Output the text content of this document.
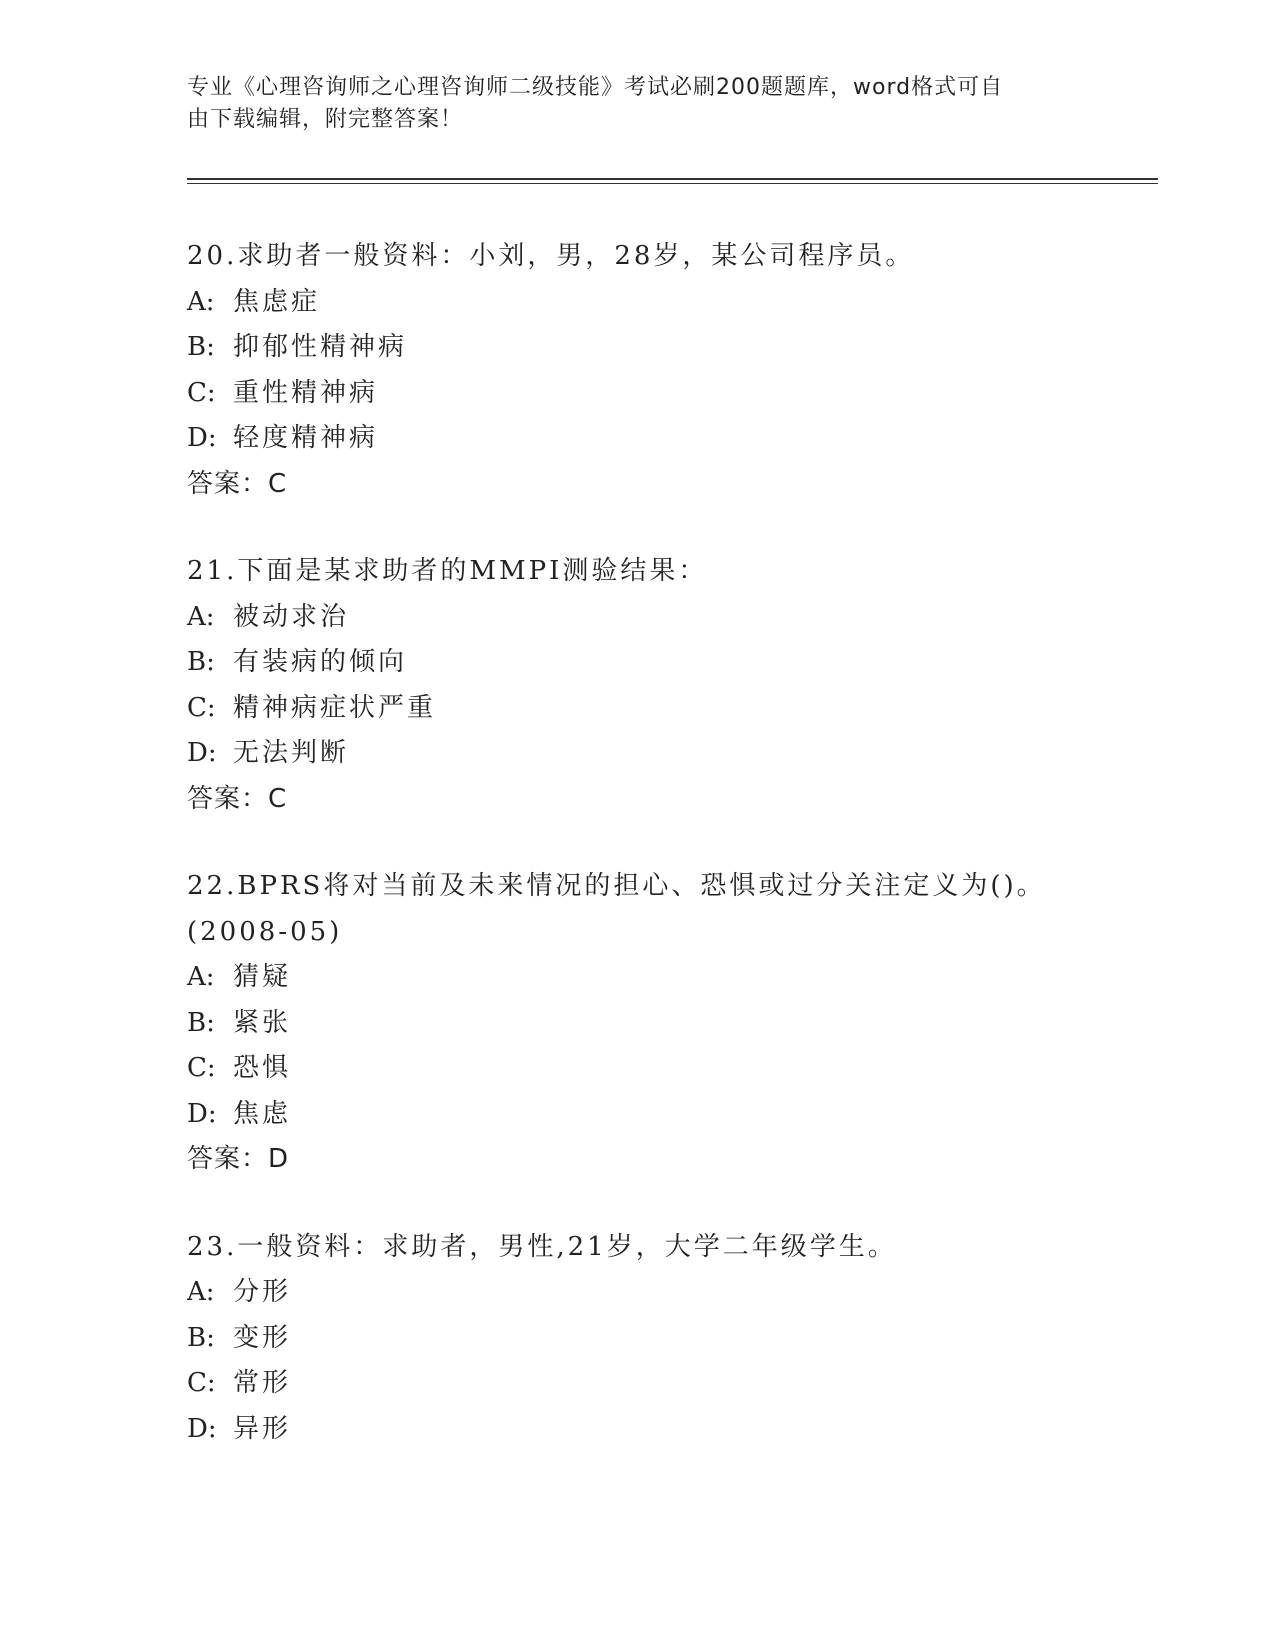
专业《心理咨询师之心理咨询师二级技能》考试必刷200题题库，word格式可自
由下载编辑，附完整答案！
20.求助者一般资料：小刘，男，28岁，某公司程序员。
A: 焦虑症
B: 抑郁性精神病
C: 重性精神病
D: 轻度精神病
答案：C
21.下面是某求助者的MMPI测验结果：
A: 被动求治
B: 有装病的倾向
C: 精神病症状严重
D: 无法判断
答案：C
22.BPRS将对当前及未来情况的担心、恐惧或过分关注定义为()。
(2008-05)
A: 猜疑
B: 紧张
C: 恐惧
D: 焦虑
答案：D
23.一般资料：求助者，男性,21岁，大学二年级学生。
A: 分形
B: 变形
C: 常形
D: 异形
